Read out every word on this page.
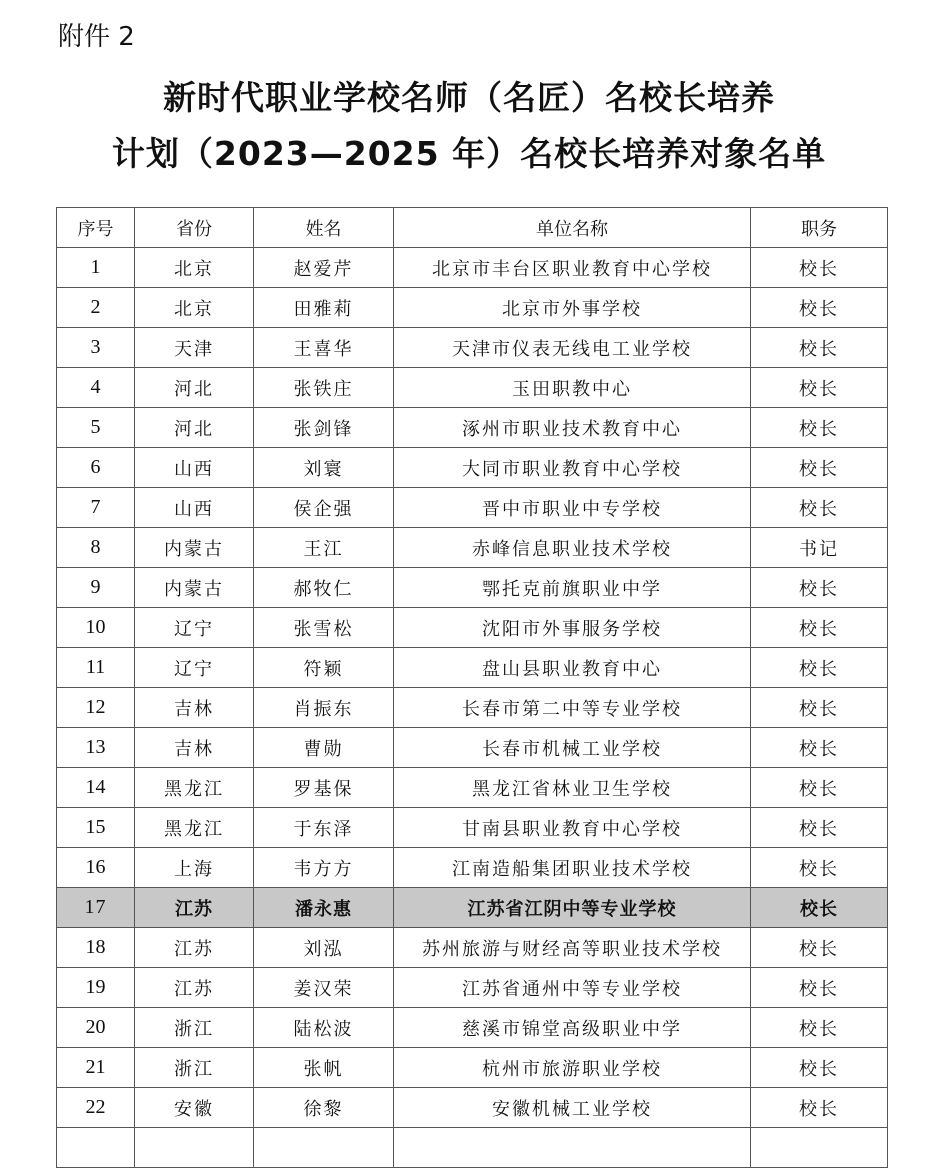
附件 2
新时代职业学校名师（名匠）名校长培养
计划（2023—2025 年）名校长培养对象名单
序号	省份	姓名	单位名称	职务
1	北京	赵爱芹	北京市丰台区职业教育中心学校	校长
2	北京	田雅莉	北京市外事学校	校长
3	天津	王喜华	天津市仪表无线电工业学校	校长
4	河北	张铁庄	玉田职教中心	校长
5	河北	张剑锋	涿州市职业技术教育中心	校长
6	山西	刘寰	大同市职业教育中心学校	校长
7	山西	侯企强	晋中市职业中专学校	校长
8	内蒙古	王江	赤峰信息职业技术学校	书记
9	内蒙古	郝牧仁	鄂托克前旗职业中学	校长
10	辽宁	张雪松	沈阳市外事服务学校	校长
11	辽宁	符颖	盘山县职业教育中心	校长
12	吉林	肖振东	长春市第二中等专业学校	校长
13	吉林	曹勋	长春市机械工业学校	校长
14	黑龙江	罗基保	黑龙江省林业卫生学校	校长
15	黑龙江	于东泽	甘南县职业教育中心学校	校长
16	上海	韦方方	江南造船集团职业技术学校	校长
17	江苏	潘永惠	江苏省江阴中等专业学校	校长
18	江苏	刘泓	苏州旅游与财经高等职业技术学校	校长
19	江苏	姜汉荣	江苏省通州中等专业学校	校长
20	浙江	陆松波	慈溪市锦堂高级职业中学	校长
21	浙江	张帆	杭州市旅游职业学校	校长
22	安徽	徐黎	安徽机械工业学校	校长
